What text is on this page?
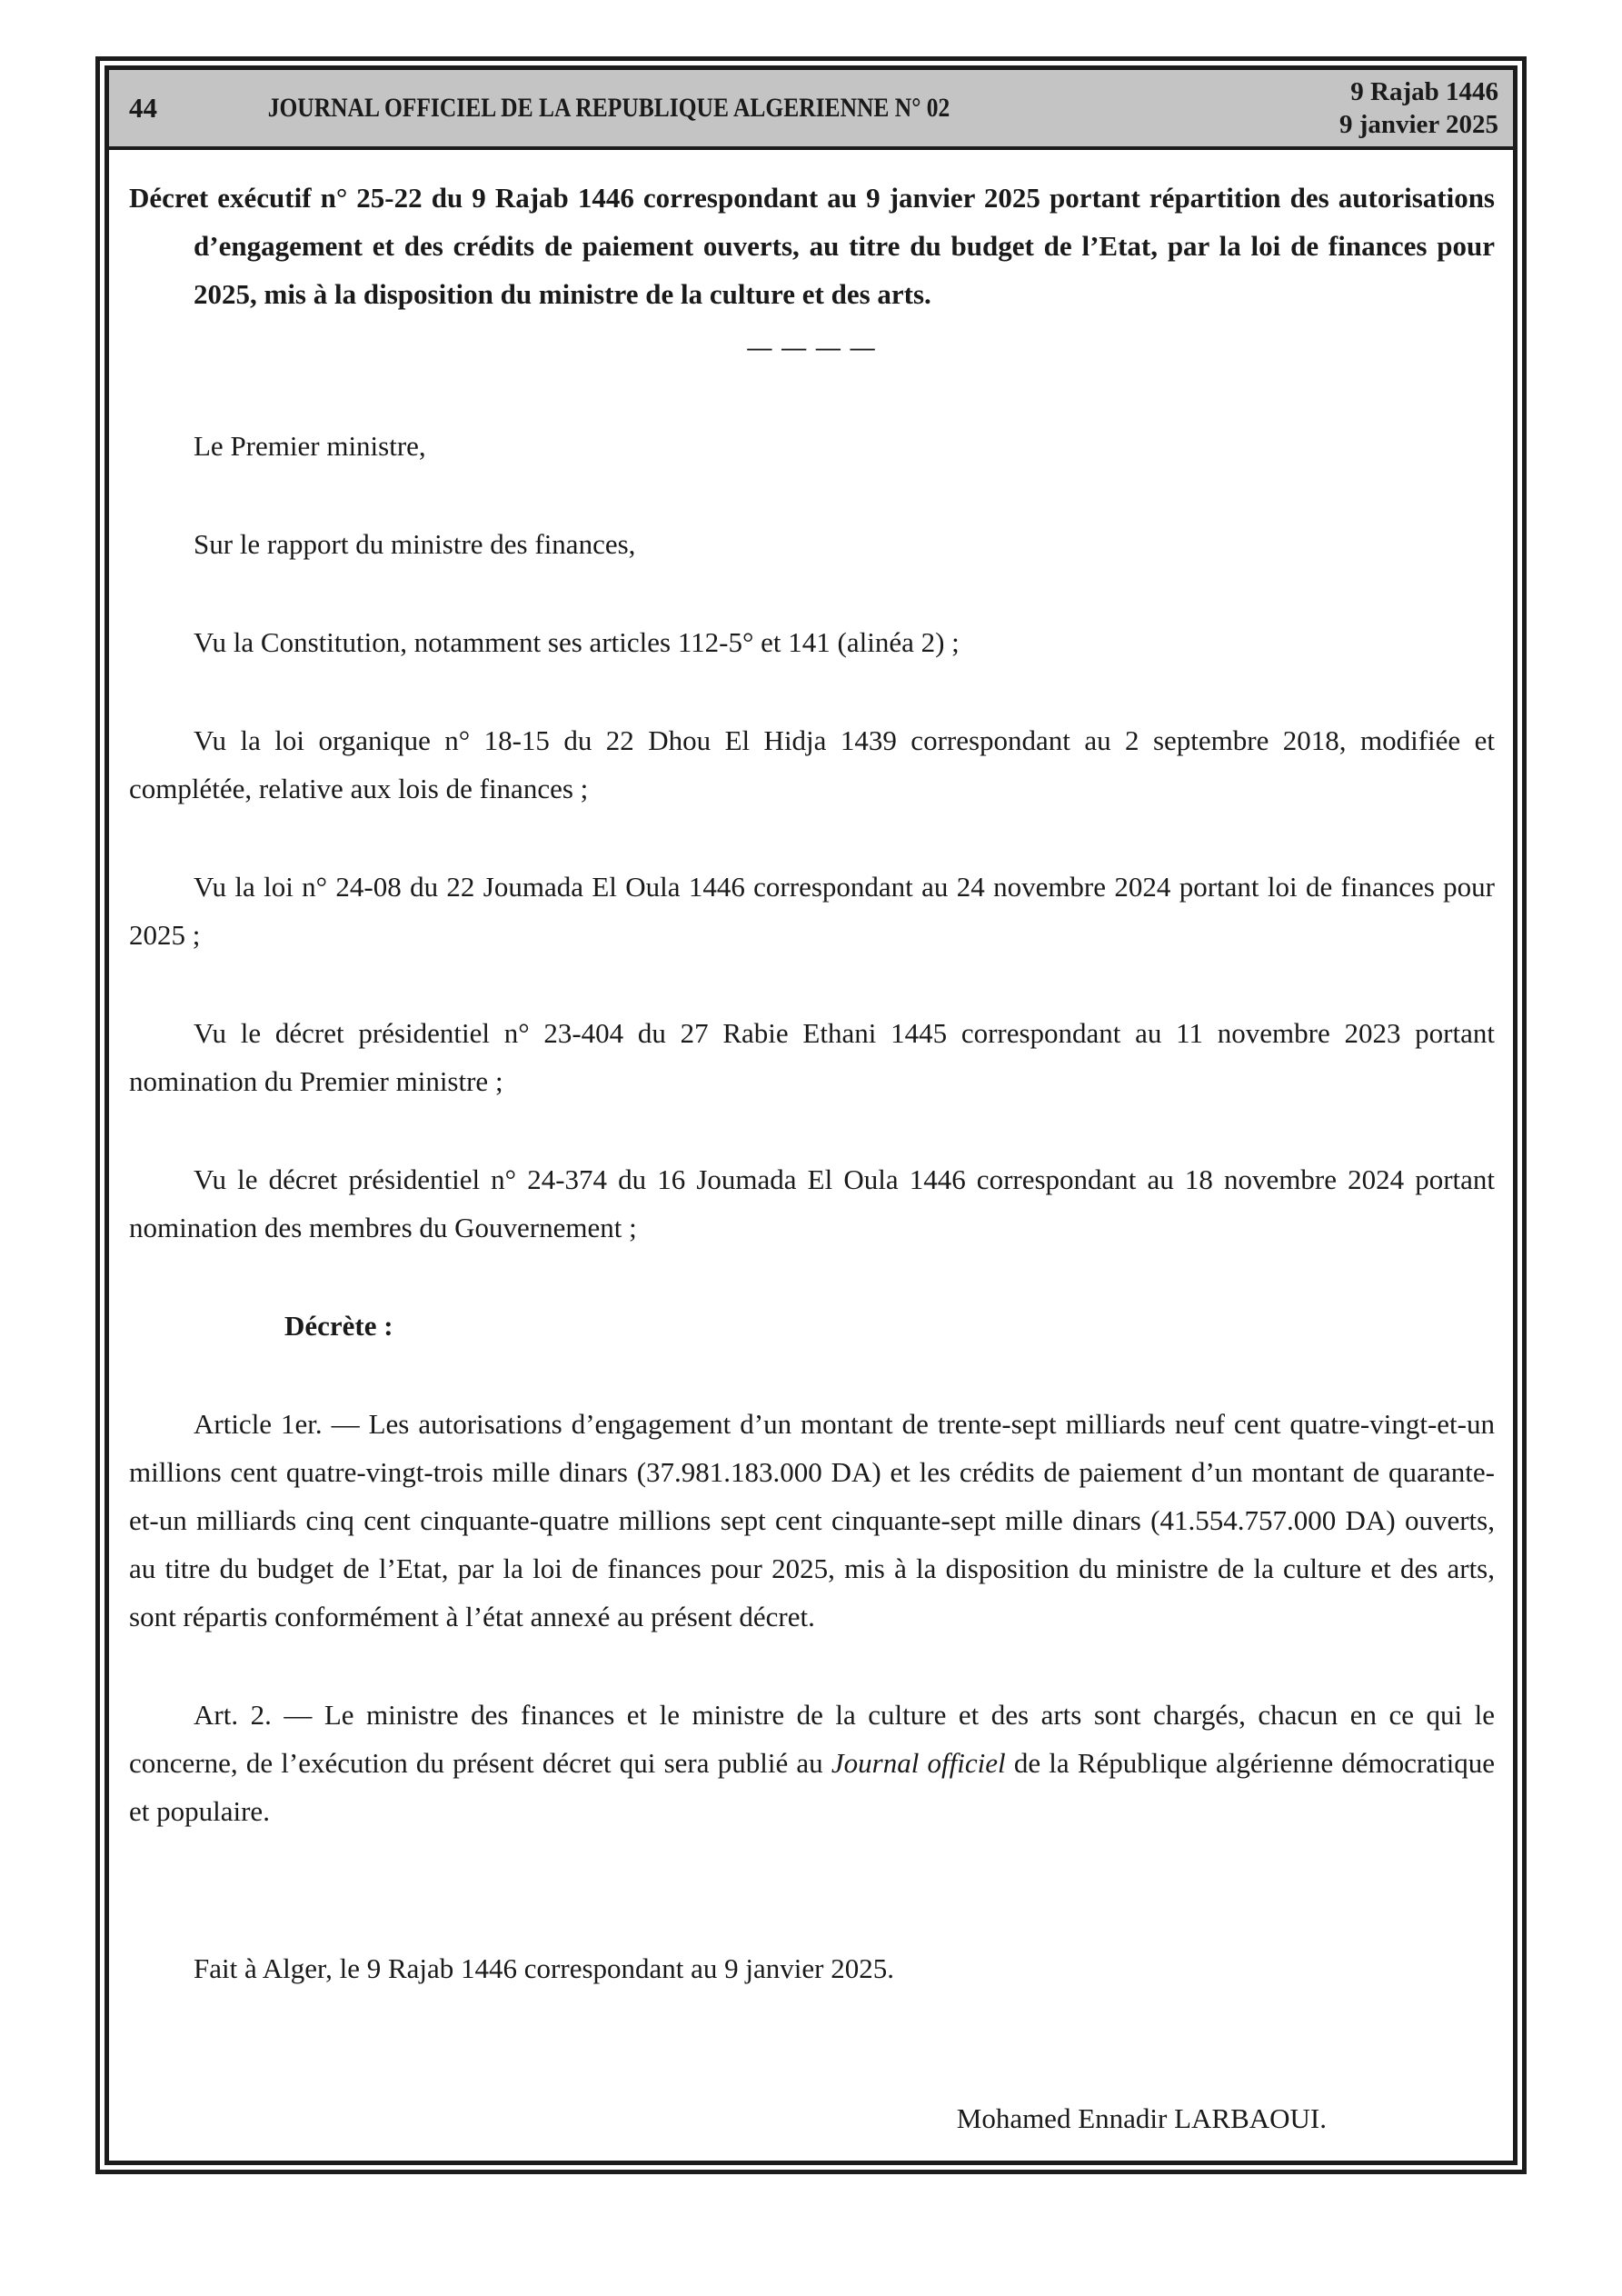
44	JOURNAL OFFICIEL DE LA REPUBLIQUE ALGERIENNE N° 02
9 Rajab 1446
9 janvier 2025

Décret exécutif n° 25-22 du 9 Rajab 1446 correspondant au 9 janvier 2025 portant répartition des autorisations d’engagement et des crédits de paiement ouverts, au titre du budget de l’Etat, par la loi de finances pour 2025, mis à la disposition du ministre de la culture et des arts.

— — — —

Le Premier ministre,

Sur le rapport du ministre des finances,

Vu la Constitution, notamment ses articles 112-5° et 141 (alinéa 2) ;

Vu la loi organique n° 18-15 du 22 Dhou El Hidja 1439 correspondant au 2 septembre 2018, modifiée et complétée, relative aux lois de finances ;

Vu la loi n° 24-08 du 22 Joumada El Oula 1446 correspondant au 24 novembre 2024 portant loi de finances pour 2025 ;

Vu le décret présidentiel n° 23-404 du 27 Rabie Ethani 1445 correspondant au 11 novembre 2023 portant nomination du Premier ministre ;

Vu le décret présidentiel n° 24-374 du 16 Joumada El Oula 1446 correspondant au 18 novembre 2024 portant nomination des membres du Gouvernement ;

Décrète :

Article 1er. — Les autorisations d’engagement d’un montant de trente-sept milliards neuf cent quatre-vingt-et-un millions cent quatre-vingt-trois mille dinars (37.981.183.000 DA) et les crédits de paiement d’un montant de quarante-et-un milliards cinq cent cinquante-quatre millions sept cent cinquante-sept mille dinars (41.554.757.000 DA) ouverts, au titre du budget de l’Etat, par la loi de finances pour 2025, mis à la disposition du ministre de la culture et des arts, sont répartis conformément à l’état annexé au présent décret.

Art. 2. — Le ministre des finances et le ministre de la culture et des arts sont chargés, chacun en ce qui le concerne, de l’exécution du présent décret qui sera publié au Journal officiel de la République algérienne démocratique et populaire.

Fait à Alger, le 9 Rajab 1446 correspondant au 9 janvier 2025.

Mohamed Ennadir LARBAOUI.
